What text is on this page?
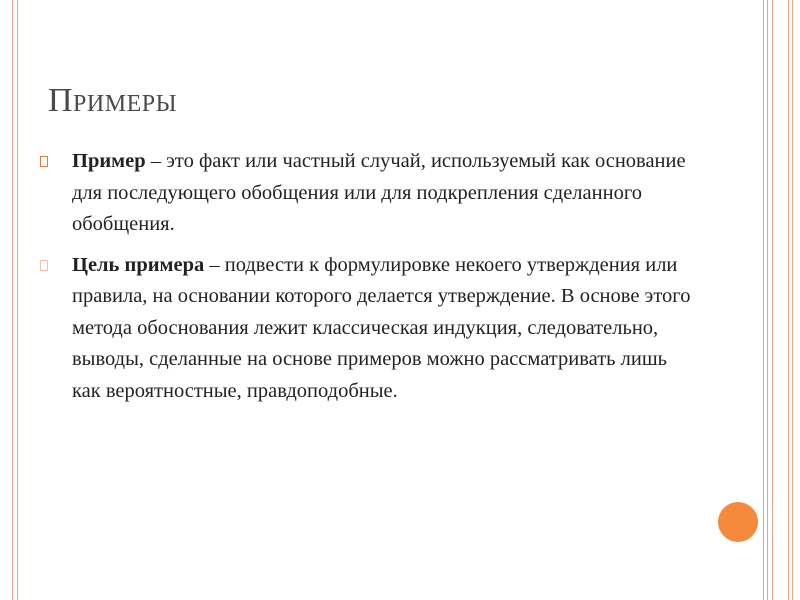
Примеры
Пример – это факт или частный случай, используемый как основание для последующего обобщения или для подкрепления сделанного обобщения.
Цель примера – подвести к формулировке некоего утверждения или правила, на основании которого делается утверждение. В основе этого метода обоснования лежит классическая индукция, следовательно, выводы, сделанные на основе примеров можно рассматривать лишь как вероятностные, правдоподобные.
